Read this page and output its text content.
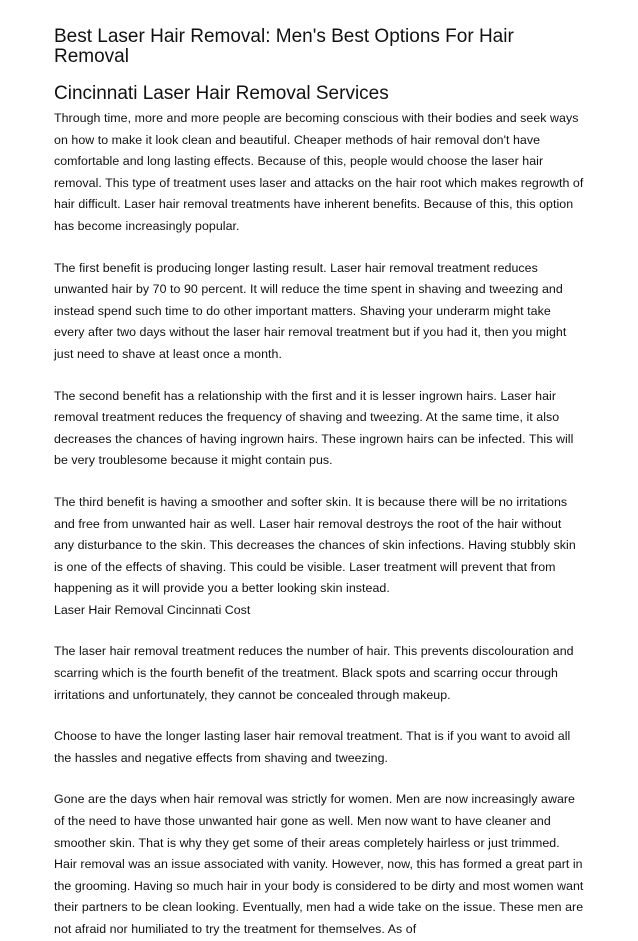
Best Laser Hair Removal: Men's Best Options For Hair Removal
Cincinnati Laser Hair Removal Services

Through time, more and more people are becoming conscious with their bodies and seek ways on how to make it look clean and beautiful. Cheaper methods of hair removal don't have comfortable and long lasting effects. Because of this, people would choose the laser hair removal. This type of treatment uses laser and attacks on the hair root which makes regrowth of hair difficult. Laser hair removal treatments have inherent benefits. Because of this, this option has become increasingly popular.

The first benefit is producing longer lasting result. Laser hair removal treatment reduces unwanted hair by 70 to 90 percent. It will reduce the time spent in shaving and tweezing and instead spend such time to do other important matters. Shaving your underarm might take every after two days without the laser hair removal treatment but if you had it, then you might just need to shave at least once a month.

The second benefit has a relationship with the first and it is lesser ingrown hairs. Laser hair removal treatment reduces the frequency of shaving and tweezing. At the same time, it also decreases the chances of having ingrown hairs. These ingrown hairs can be infected. This will be very troublesome because it might contain pus.

The third benefit is having a smoother and softer skin. It is because there will be no irritations and free from unwanted hair as well. Laser hair removal destroys the root of the hair without any disturbance to the skin. This decreases the chances of skin infections. Having stubbly skin is one of the effects of shaving. This could be visible. Laser treatment will prevent that from happening as it will provide you a better looking skin instead.

Laser Hair Removal Cincinnati Cost

The laser hair removal treatment reduces the number of hair. This prevents discolouration and scarring which is the fourth benefit of the treatment. Black spots and scarring occur through irritations and unfortunately, they cannot be concealed through makeup.

Choose to have the longer lasting laser hair removal treatment. That is if you want to avoid all the hassles and negative effects from shaving and tweezing.

Gone are the days when hair removal was strictly for women. Men are now increasingly aware of the need to have those unwanted hair gone as well. Men now want to have cleaner and smoother skin. That is why they get some of their areas completely hairless or just trimmed. Hair removal was an issue associated with vanity. However, now, this has formed a great part in the grooming. Having so much hair in your body is considered to be dirty and most women want their partners to be clean looking. Eventually, men had a wide take on the issue. These men are not afraid nor humiliated to try the treatment for themselves. As of
